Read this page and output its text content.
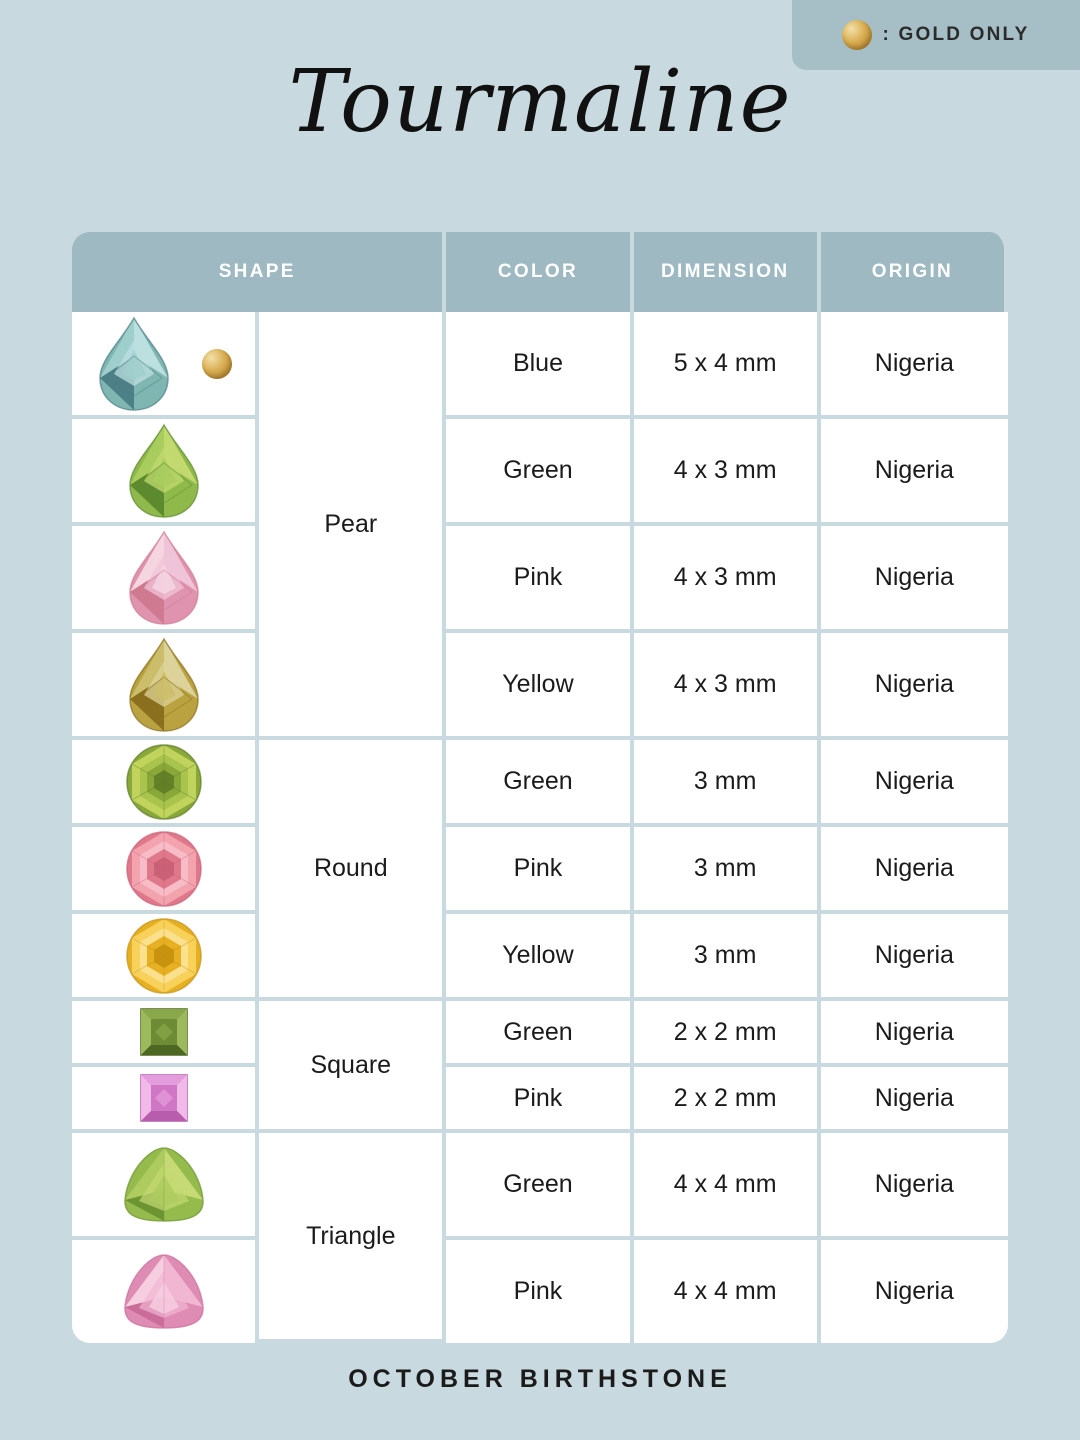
: GOLD ONLY
Tourmaline
SHAPE		COLOR	DIMENSION	ORIGIN

	Pear	Blue	5 x 4 mm	Nigeria

	Green	4 x 3 mm	Nigeria

	Pink	4 x 3 mm	Nigeria

	Yellow	4 x 3 mm	Nigeria

	Round	Green	3 mm	Nigeria

	Pink	3 mm	Nigeria

	Yellow	3 mm	Nigeria

	Square	Green	2 x 2 mm	Nigeria

	Pink	2 x 2 mm	Nigeria

	Triangle	Green	4 x 4 mm	Nigeria

	Pink	4 x 4 mm	Nigeria
OCTOBER BIRTHSTONE
